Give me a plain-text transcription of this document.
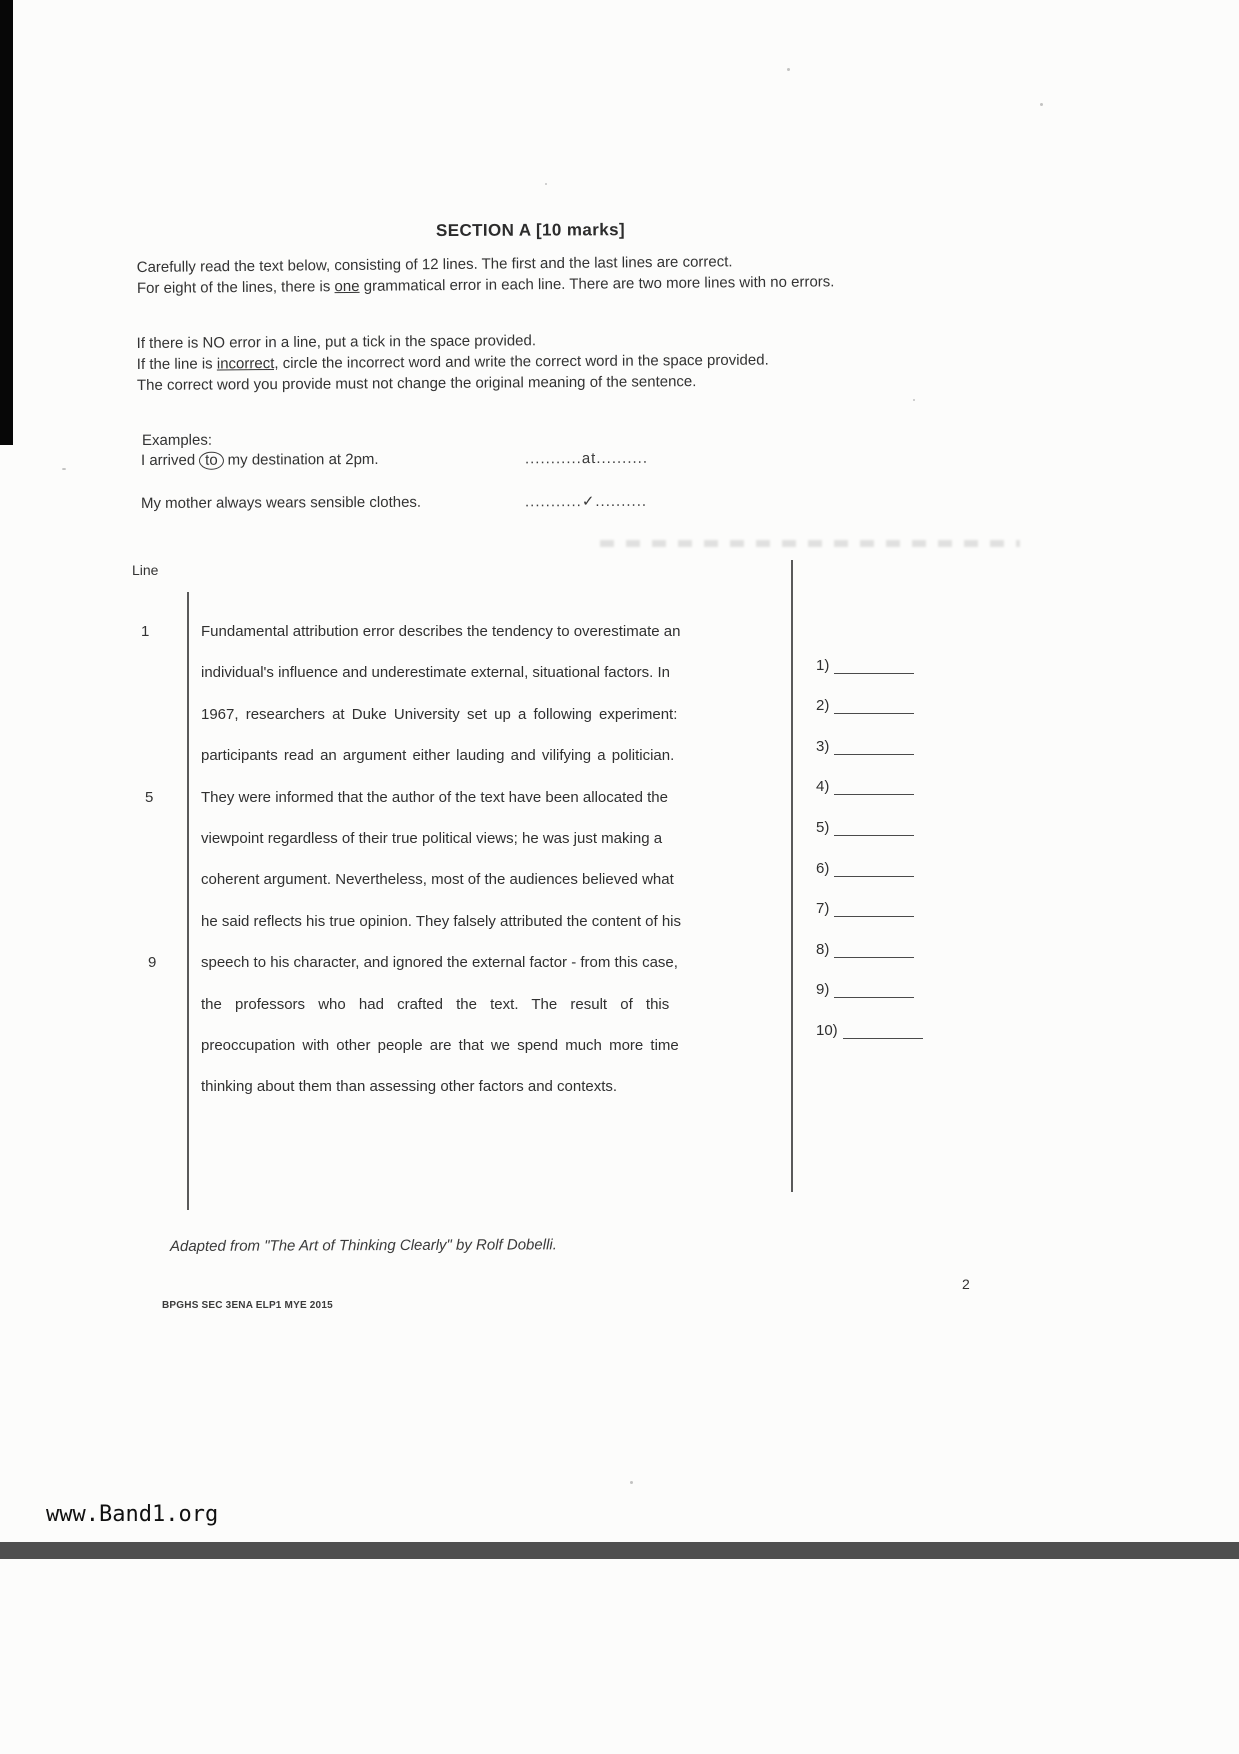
SECTION A [10 marks]
Carefully read the text below, consisting of 12 lines. The first and the last lines are correct.
For eight of the lines, there is one grammatical error in each line. There are two more lines with no errors.
If there is NO error in a line, put a tick in the space provided.
If the line is incorrect, circle the incorrect word and write the correct word in the space provided.
The correct word you provide must not change the original meaning of the sentence.
Examples:
I arrived to my destination at 2pm.	...........at..........
My mother always wears sensible clothes.	...........✓..........
Line
1
5
9
Fundamental attribution error describes the tendency to overestimate an
individual's influence and underestimate external, situational factors. In
1967, researchers at Duke University set up a following experiment:
participants read an argument either lauding and vilifying a politician.
They were informed that the author of the text have been allocated the
viewpoint regardless of their true political views; he was just making a
coherent argument. Nevertheless, most of the audiences believed what
he said reflects his true opinion. They falsely attributed the content of his
speech to his character, and ignored the external factor - from this case,
the professors who had crafted the text. The result of this
preoccupation with other people are that we spend much more time
thinking about them than assessing other factors and contexts.
1)
2)
3)
4)
5)
6)
7)
8)
9)
10)
Adapted from "The Art of Thinking Clearly" by Rolf Dobelli.
BPGHS SEC 3ENA ELP1 MYE 2015
2
www.Band1.org
